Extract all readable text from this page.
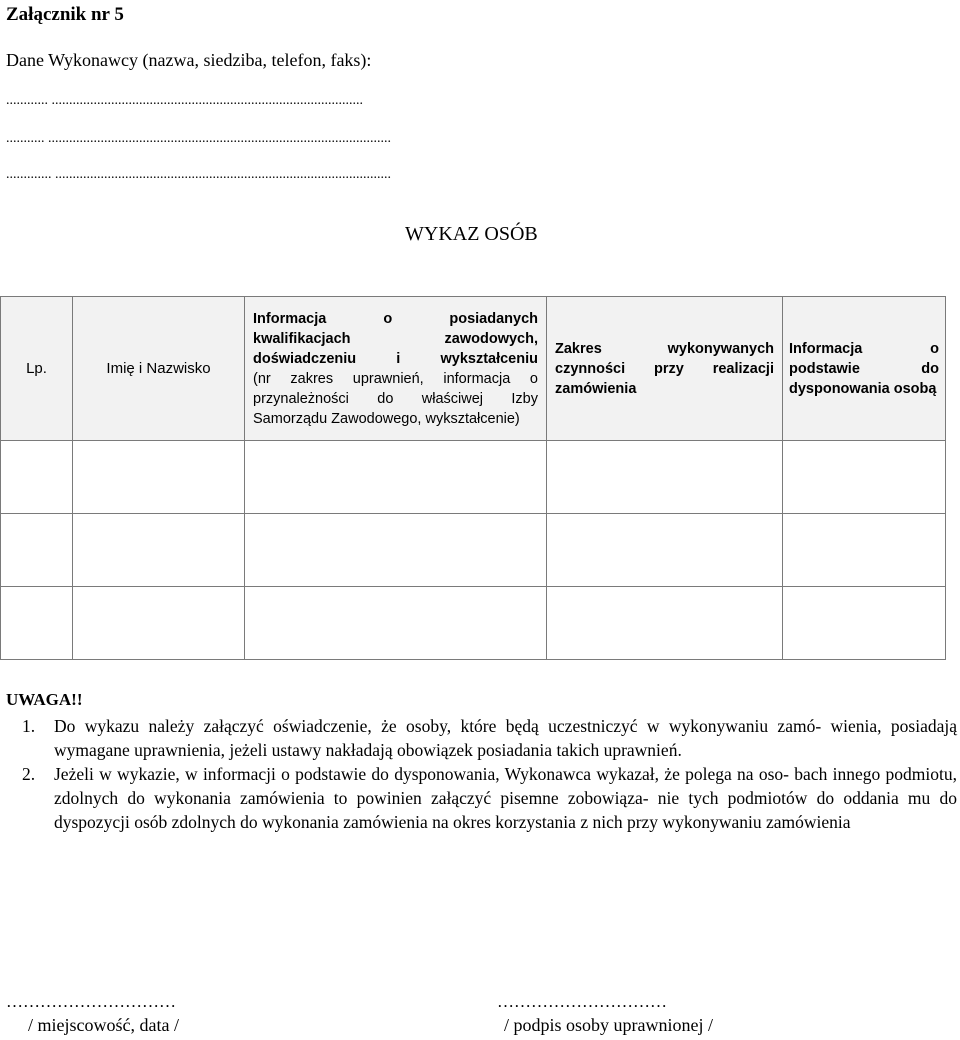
Załącznik nr 5
Dane Wykonawcy (nazwa, siedziba, telefon, faks):
............ .........................................................................................
........... ..................................................................................................
............. ................................................................................................
WYKAZ OSÓB
Lp.	Imię i Nazwisko	Informacja o posiadanych
kwalifikacjach zawodowych,
doświadczeniu i wykształceniu
(nr zakres uprawnień, informacja o przynależności do właściwej Izby Samorządu Zawodowego, wykształcenie)	Zakres wykonywanych czynności przy realizacji zamówienia	Informacja o podstawie do dysponowania osobą

UWAGA!!
1. Do wykazu należy załączyć oświadczenie, że osoby, które będą uczestniczyć w wykonywaniu zamó- wienia, posiadają wymagane uprawnienia, jeżeli ustawy nakładają obowiązek posiadania takich uprawnień.
2. Jeżeli w wykazie, w informacji o podstawie do dysponowania, Wykonawca wykazał, że polega na oso- bach innego podmiotu, zdolnych do wykonania zamówienia to powinien załączyć pisemne zobowiąza- nie tych podmiotów do oddania mu do dyspozycji osób zdolnych do wykonania zamówienia na okres korzystania z nich przy wykonywaniu zamówienia
…………………………	…………………………
/ miejscowość, data /	/ podpis osoby uprawnionej /
